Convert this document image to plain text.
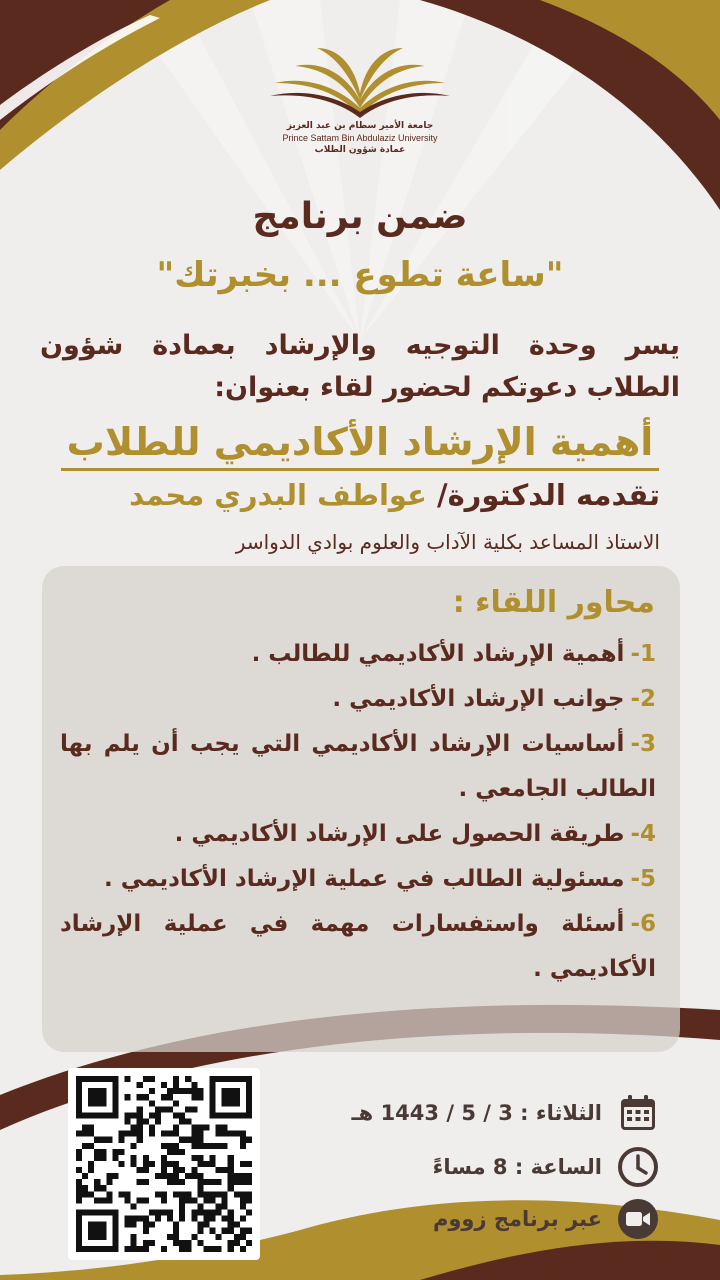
جامعة الأمير سطام بن عبد العزيز
Prince Sattam Bin Abdulaziz University
عمادة شؤون الطلاب
ضمن برنامج
"ساعة تطوع ... بخبرتك"
يسر وحدة التوجيه والإرشاد بعمادة شؤون الطلاب دعوتكم لحضور لقاء بعنوان:
أهمية الإرشاد الأكاديمي للطلاب
تقدمه الدكتورة/ عواطف البدري محمد
الاستاذ المساعد بكلية الآداب والعلوم بوادي الدواسر
محاور اللقاء :
1-أهمية الإرشاد الأكاديمي للطالب .
2-جوانب الإرشاد الأكاديمي .
3-أساسيات الإرشاد الأكاديمي التي يجب أن يلم بها الطالب الجامعي .
4-طريقة الحصول على الإرشاد الأكاديمي .
5-مسئولية الطالب في عملية الإرشاد الأكاديمي .
6-أسئلة واستفسارات مهمة في عملية الإرشاد الأكاديمي .
الثلاثاء : 3 / 5 / 1443 هـ
الساعة : 8 مساءً
عبر برنامج زووم
